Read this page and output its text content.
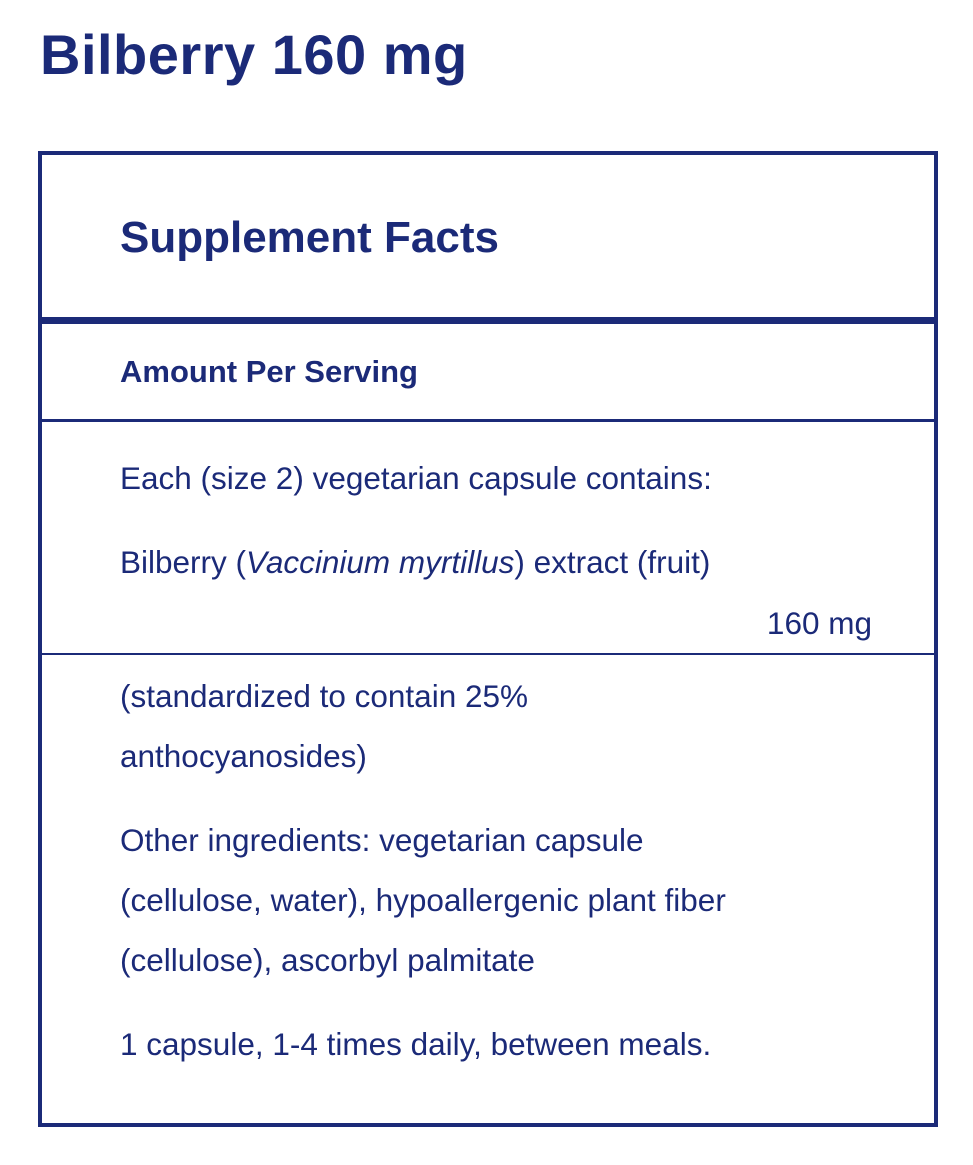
Bilberry 160 mg
Supplement Facts
Amount Per Serving
Each (size 2) vegetarian capsule contains:
Bilberry (Vaccinium myrtillus) extract (fruit)
160 mg
(standardized to contain 25%
anthocyanosides)
Other ingredients: vegetarian capsule
(cellulose, water), hypoallergenic plant fiber
(cellulose), ascorbyl palmitate
1 capsule, 1-4 times daily, between meals.
